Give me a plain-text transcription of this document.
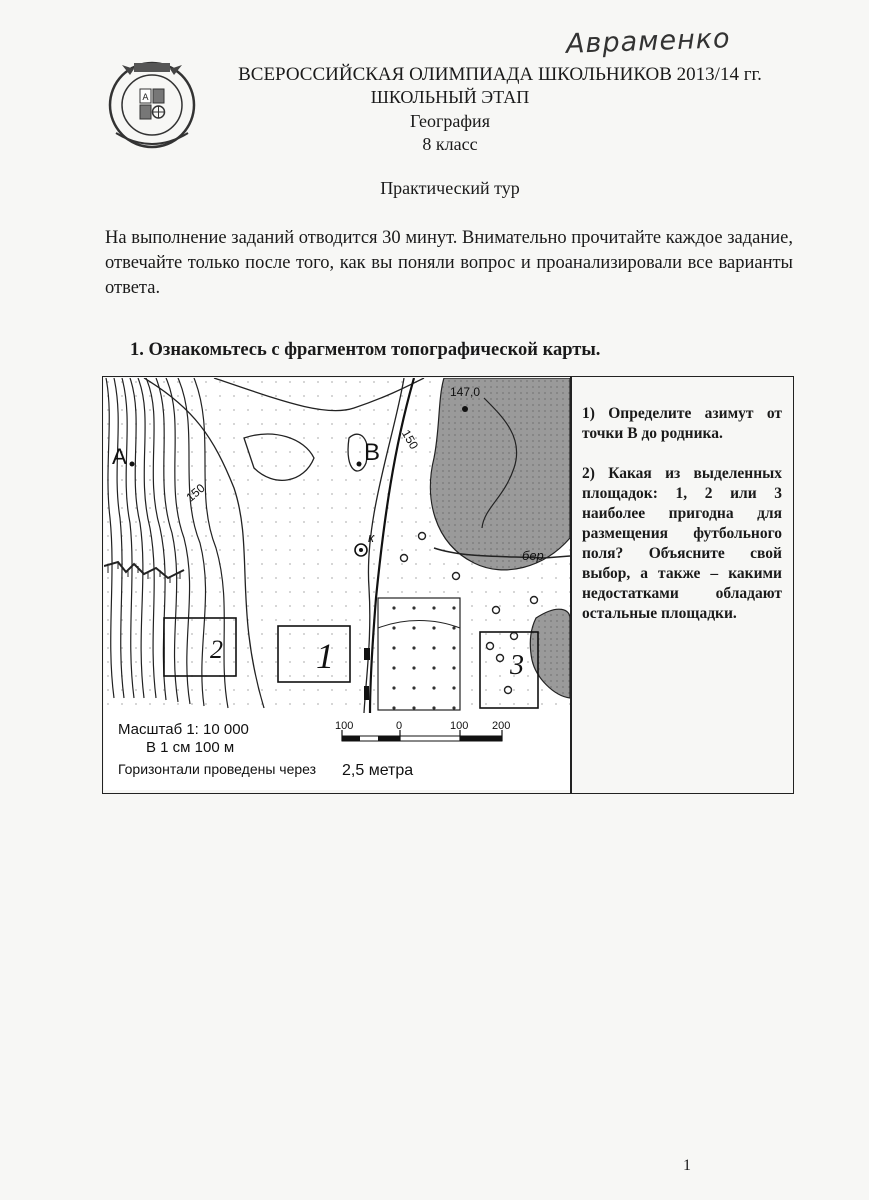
A
Авраменко
ВСЕРОССИЙСКАЯ ОЛИМПИАДА ШКОЛЬНИКОВ 2013/14 гг.
ШКОЛЬНЫЙ ЭТАП
География
8 класс
Практический тур
На выполнение заданий отводится 30 минут. Внимательно прочитайте каждое задание, отвечайте только после того, как вы поняли вопрос и проанализировали все варианты ответа.
1. Ознакомьтесь с фрагментом топографической карты.
к
147,0
бер
150
150
А	В
2	1	3
Масштаб 1: 10 000
В 1 см 100 м
Горизонтали проведены через 2,5 метра
100	0	100 200

1) Определите азимут от точки В до родника.

2) Какая из выделенных площадок: 1, 2 или 3 наиболее пригодна для размещения футбольного поля? Объясните свой выбор, а также – какими недостатками обладают остальные площадки.

1
